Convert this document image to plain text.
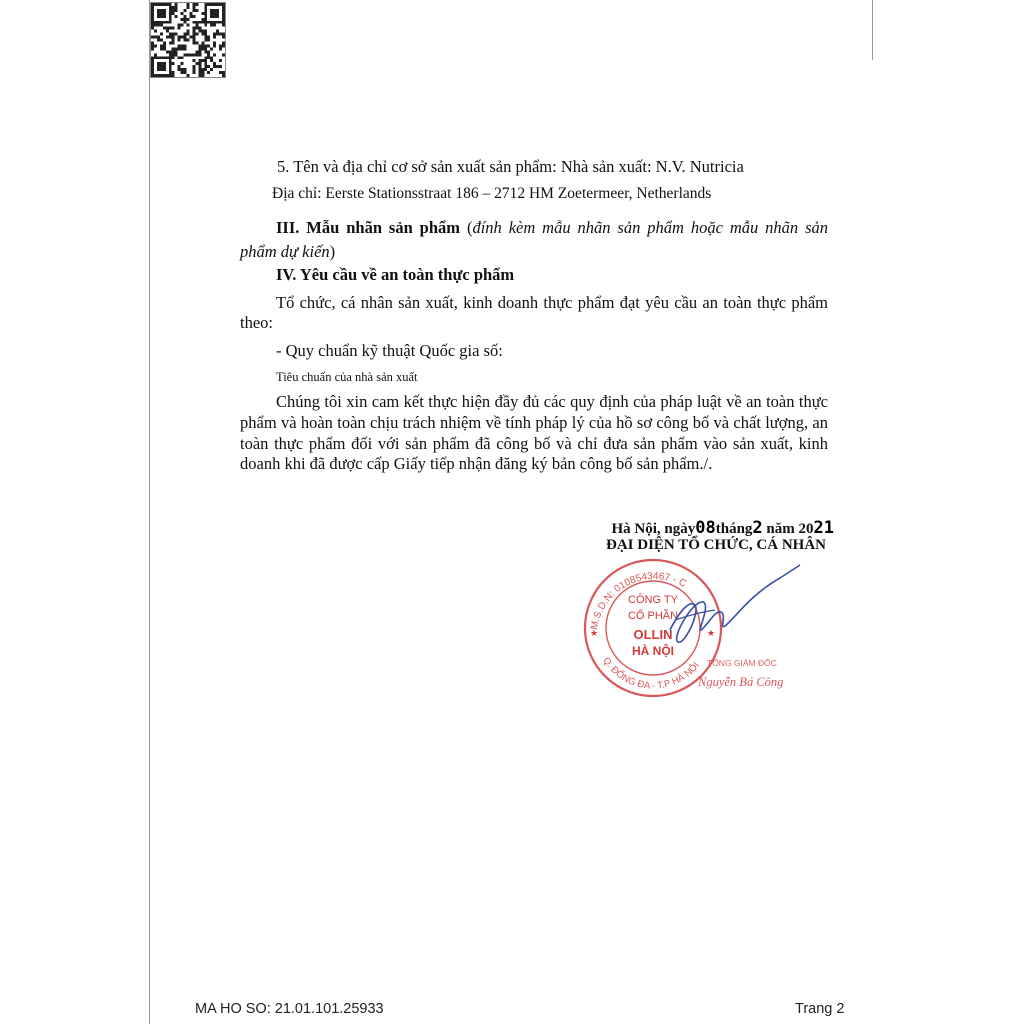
5. Tên và địa chỉ cơ sở sản xuất sản phẩm: Nhà sản xuất: N.V. Nutricia
Địa chỉ: Eerste Stationsstraat 186 – 2712 HM Zoetermeer, Netherlands
III. Mẫu nhãn sản phẩm (đính kèm mẫu nhãn sản phẩm hoặc mẫu nhãn sản phẩm dự kiến)
IV. Yêu cầu về an toàn thực phẩm
Tổ chức, cá nhân sản xuất, kinh doanh thực phẩm đạt yêu cầu an toàn thực phẩm theo:
- Quy chuẩn kỹ thuật Quốc gia số:
Tiêu chuẩn của nhà sản xuất
Chúng tôi xin cam kết thực hiện đầy đủ các quy định của pháp luật về an toàn thực phẩm và hoàn toàn chịu trách nhiệm về tính pháp lý của hồ sơ công bố và chất lượng, an toàn thực phẩm đối với sản phẩm đã công bố và chỉ đưa sản phẩm vào sản xuất, kinh doanh khi đã được cấp Giấy tiếp nhận đăng ký bản công bố sản phẩm./.
Hà Nội, ngày08tháng2 năm 2021
ĐẠI DIỆN TỔ CHỨC, CÁ NHÂN
M.S.D.N: 0108543467 - C
Q. ĐỐNG ĐA - T.P HÀ NỘI
★	★
CÔNG TY
CỔ PHẦN
OLLIN
HÀ NỘI
TỔNG GIÁM ĐỐC
Nguyễn Bá Công
MA HO SO: 21.01.101.25933	Trang 2
